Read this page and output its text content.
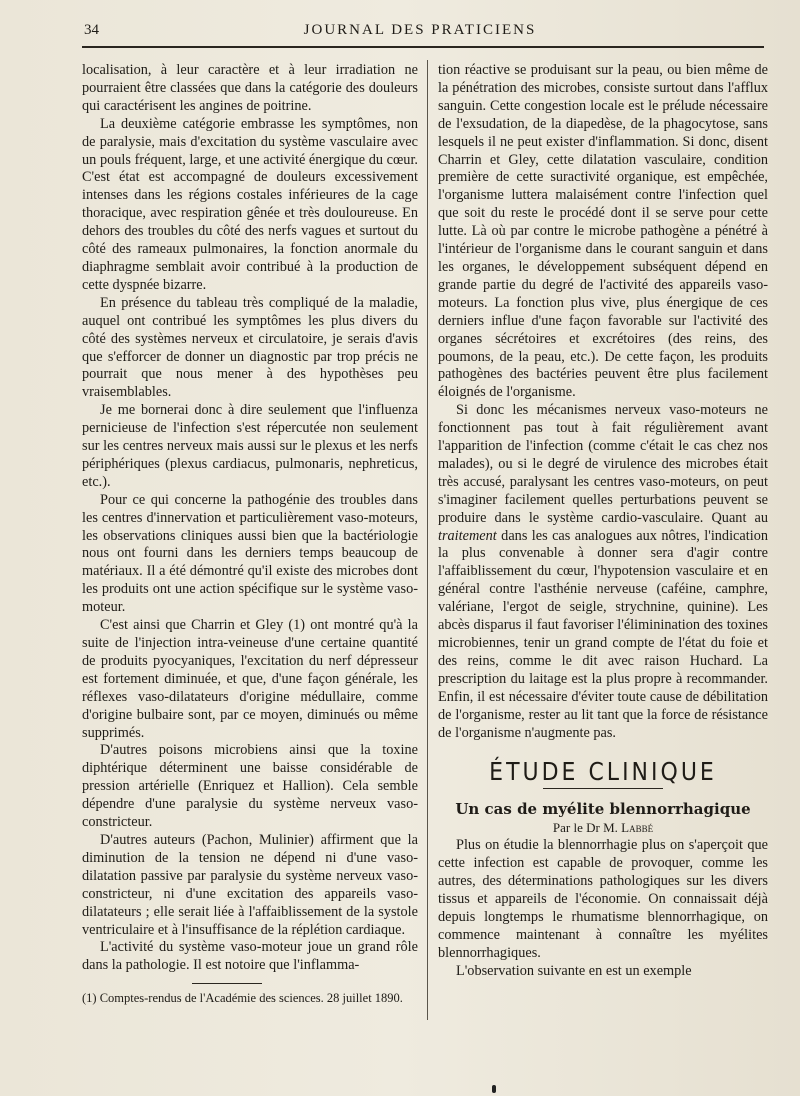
34	JOURNAL DES PRATICIENS

localisation, à leur caractère et à leur irradiation ne pourraient être classées que dans la catégorie des douleurs qui caractérisent les angines de poitrine.

La deuxième catégorie embrasse les symptômes, non de paralysie, mais d'excitation du système vasculaire avec un pouls fréquent, large, et une activité énergique du cœur. C'est état est accompagné de douleurs excessivement intenses dans les régions costales inférieures de la cage thoracique, avec respiration gênée et très douloureuse. En dehors des troubles du côté des nerfs vagues et surtout du côté des rameaux pulmonaires, la fonction anormale du diaphragme semblait avoir contribué à la production de cette dyspnée bizarre.

En présence du tableau très compliqué de la maladie, auquel ont contribué les symptômes les plus divers du côté des systèmes nerveux et circulatoire, je serais d'avis que s'efforcer de donner un diagnostic par trop précis ne pourrait que nous mener à des hypothèses peu vraisemblables.

Je me bornerai donc à dire seulement que l'influenza pernicieuse de l'infection s'est répercutée non seulement sur les centres nerveux mais aussi sur le plexus et les nerfs périphériques (plexus cardiacus, pulmonaris, nephreticus, etc.).

Pour ce qui concerne la pathogénie des troubles dans les centres d'innervation et particulièrement vaso-moteurs, les observations cliniques aussi bien que la bactériologie nous ont fourni dans les derniers temps beaucoup de matériaux. Il a été démontré qu'il existe des microbes dont les produits ont une action spécifique sur le système vaso-moteur.

C'est ainsi que Charrin et Gley (1) ont montré qu'à la suite de l'injection intra-veineuse d'une certaine quantité de produits pyocyaniques, l'excitation du nerf dépresseur est fortement diminuée, et que, d'une façon générale, les réflexes vaso-dilatateurs d'origine médullaire, comme d'origine bulbaire sont, par ce moyen, diminués ou même supprimés.

D'autres poisons microbiens ainsi que la toxine diphtérique déterminent une baisse considérable de pression artérielle (Enriquez et Hallion). Cela semble dépendre d'une paralysie du système nerveux vaso-constricteur.

D'autres auteurs (Pachon, Mulinier) affirment que la diminution de la tension ne dépend ni d'une vaso-dilatation passive par paralysie du système nerveux vaso-constricteur, ni d'une excitation des appareils vaso-dilatateurs ; elle serait liée à l'affaiblissement de la systole ventriculaire et à l'insuffisance de la réplétion cardiaque.

L'activité du système vaso-moteur joue un grand rôle dans la pathologie. Il est notoire que l'inflamma-

(1) Comptes-rendus de l'Académie des sciences. 28 juillet 1890.

tion réactive se produisant sur la peau, ou bien même de la pénétration des microbes, consiste surtout dans l'afflux sanguin. Cette congestion locale est le prélude nécessaire de l'exsudation, de la diapedèse, de la phagocytose, sans lesquels il ne peut exister d'inflammation. Si donc, disent Charrin et Gley, cette dilatation vasculaire, condition première de cette suractivité organique, est empêchée, l'organisme luttera malaisément contre l'infection quel que soit du reste le procédé dont il se serve pour cette lutte. Là où par contre le microbe pathogène a pénétré à l'intérieur de l'organisme dans le courant sanguin et dans les organes, le développement subséquent dépend en grande partie du degré de l'activité des appareils vaso-moteurs. La fonction plus vive, plus énergique de ces derniers influe d'une façon favorable sur l'activité des organes sécrétoires et excrétoires (des reins, des poumons, de la peau, etc.). De cette façon, les produits pathogènes des bactéries peuvent être plus facilement éloignés de l'organisme.

Si donc les mécanismes nerveux vaso-moteurs ne fonctionnent pas tout à fait régulièrement avant l'apparition de l'infection (comme c'était le cas chez nos malades), ou si le degré de virulence des microbes était très accusé, paralysant les centres vaso-moteurs, on peut s'imaginer facilement quelles perturbations peuvent se produire dans le système cardio-vasculaire. Quant au traitement dans les cas analogues aux nôtres, l'indication la plus convenable à donner sera d'agir contre l'affaiblissement du cœur, l'hypotension vasculaire et en général contre l'asthénie nerveuse (caféine, camphre, valériane, l'ergot de seigle, strychnine, quinine). Les abcès disparus il faut favoriser l'éliminination des toxines microbiennes, tenir un grand compte de l'état du foie et des reins, comme le dit avec raison Huchard. La prescription du laitage est la plus propre à recommander. Enfin, il est nécessaire d'éviter toute cause de débilitation de l'organisme, rester au lit tant que la force de résistance de l'organisme n'augmente pas.

ÉTUDE CLINIQUE

Un cas de myélite blennorrhagique

Par le Dr M. Labbé

Plus on étudie la blennorrhagie plus on s'aperçoit que cette infection est capable de provoquer, comme les autres, des déterminations pathologiques sur les divers tissus et appareils de l'économie. On connaissait déjà depuis longtemps le rhumatisme blennorrhagique, on commence maintenant à connaître les myélites blennorrhagiques.

L'observation suivante en est un exemple
